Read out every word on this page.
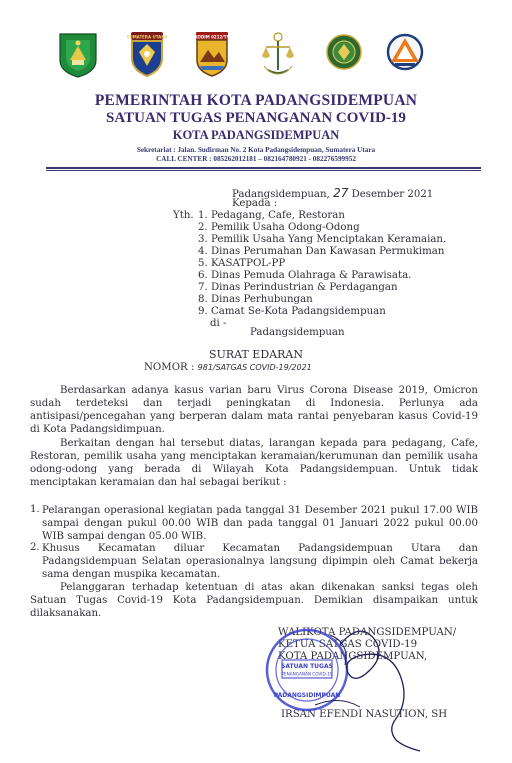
SUMATERA UTARA	KODIM 0212/TS
PEMERINTAH KOTA PADANGSIDEMPUAN
SATUAN TUGAS PENANGANAN COVID-19
KOTA PADANGSIDEMPUAN
Sekretariat : Jalan. Sudirman No. 2 Kota Padangsidempuan, Sumatera Utara
CALL CENTER : 085262012181 – 082164780921 - 082276599952
Padangsidempuan, 27 Desember 2021
Kepada :
Yth. 1. Pedagang, Cafe, Restoran
2. Pemilik Usaha Odong-Odong
3. Pemilik Usaha Yang Menciptakan Keramaian.
4. Dinas Perumahan Dan Kawasan Permukiman
5. KASATPOL-PP
6. Dinas Pemuda Olahraga & Parawisata.
7. Dinas Perindustrian & Perdagangan
8. Dinas Perhubungan
9. Camat Se-Kota Padangsidempuan
di -
Padangsidempuan
SURAT EDARAN
NOMOR : 981/SATGAS COVID-19/2021
Berdasarkan adanya kasus varian baru Virus Corona Disease 2019, Omicron sudah terdeteksi dan terjadi peningkatan di Indonesia. Perlunya ada antisipasi/pencegahan yang berperan dalam mata rantai penyebaran kasus Covid-19 di Kota Padangsidimpuan.
Berkaitan dengan hal tersebut diatas, larangan kepada para pedagang, Cafe, Restoran, pemilik usaha yang menciptakan keramaian/kerumunan dan pemilik usaha odong-odong yang berada di Wilayah Kota Padangsidempuan. Untuk tidak menciptakan keramaian dan hal sebagai berikut :
1. Pelarangan operasional kegiatan pada tanggal 31 Desember 2021 pukul 17.00 WIB sampai dengan pukul 00.00 WIB dan pada tanggal 01 Januari 2022 pukul 00.00 WIB sampai dengan 05.00 WIB.
2. Khusus Kecamatan diluar Kecamatan Padangsidempuan Utara dan Padangsidempuan Selatan operasionalnya langsung dipimpin oleh Camat bekerja sama dengan muspika kecamatan.
Pelanggaran terhadap ketentuan di atas akan dikenakan sanksi tegas oleh Satuan Tugas Covid-19 Kota Padangsidempuan. Demikian disampaikan untuk dilaksanakan.
WALIKOTA PADANGSIDEMPUAN/
KETUA SATGAS COVID-19
KOTA PADANGSIDEMPUAN,
IRSAN EFENDI NASUTION, SH
SATUAN TUGAS
PENANGANAN COVID-19
PADANGSIDIMPUAN
